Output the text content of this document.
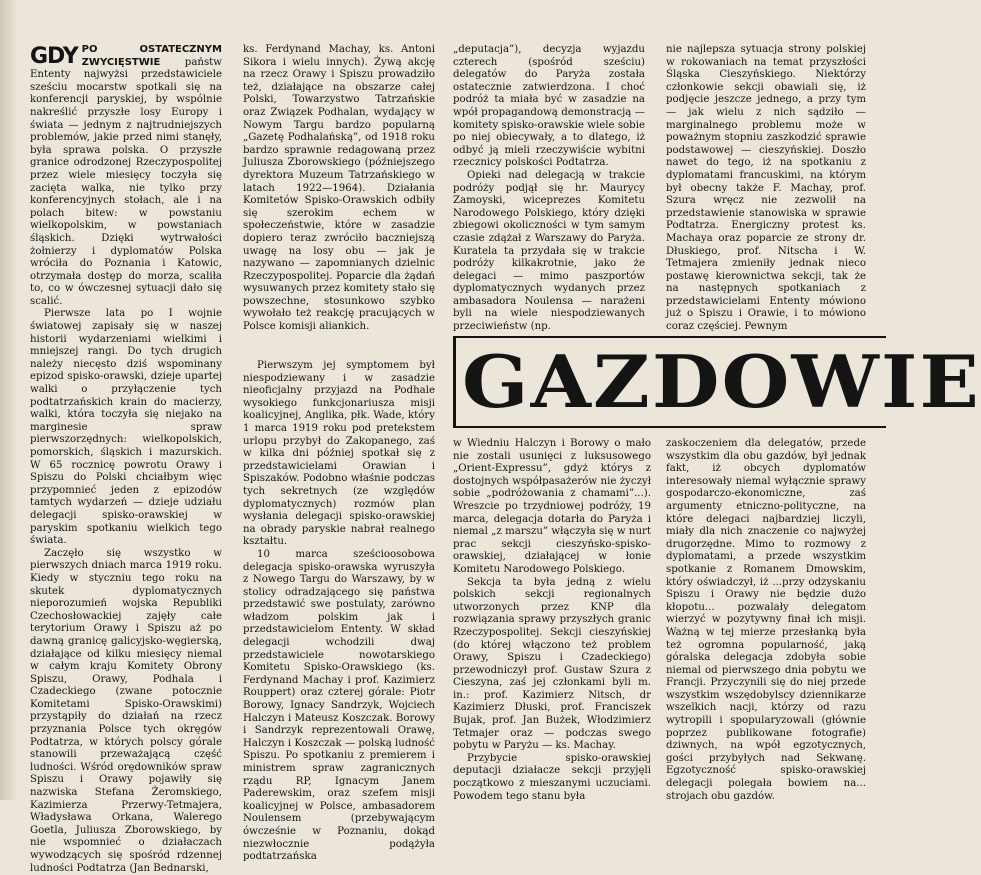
GDY PO OSTATECZNYM ZWYCIĘSTWIE państw Ententy najwyżsi przedstawiciele sześciu mocarstw spotkali się na konferencji paryskiej, by wspólnie nakreślić przyszłe losy Europy i świata — jednym z najtrudniejszych problemów, jakie przed nimi stanęły, była sprawa polska. O przyszłe granice odrodzonej Rzeczypospolitej przez wiele miesięcy toczyła się zacięta walka, nie tylko przy konferencyjnych stołach, ale i na polach bitew: w powstaniu wielkopolskim, w powstaniach śląskich. Dzięki wytrwałości żołnierzy i dyplomatów Polska wróciła do Poznania i Katowic, otrzymała dostęp do morza, scaliła to, co w ówczesnej sytuacji dało się scalić.

Pierwsze lata po I wojnie światowej zapisały się w naszej historii wydarzeniami wielkimi i mniejszej rangi. Do tych drugich należy niecęsto dziś wspominany epizod spisko-orawski, dzieje upartej walki o przyłączenie tych podtatrzańskich krain do macierzy, walki, która toczyła się niejako na marginesie spraw pierwszorzędnych: wielkopolskich, pomorskich, śląskich i mazurskich. W 65 rocznicę powrotu Orawy i Spiszu do Polski chciałbym więc przypomnieć jeden z epizodów tamtych wydarzeń — dzieje udziału delegacji spisko-orawskiej w paryskim spotkaniu wielkich tego świata.

Zaczęło się wszystko w pierwszych dniach marca 1919 roku. Kiedy w styczniu tego roku na skutek dyplomatycznych nieporozumień wojska Republiki Czechosłowackiej zajęły całe terytorium Orawy i Spiszu aż po dawną granicę galicyjsko-węgierską, działające od kilku miesięcy niemal w całym kraju Komitety Obrony Spiszu, Orawy, Podhala i Czadeckiego (zwane potocznie Komitetami Spisko-Orawskimi) przystąpiły do działań na rzecz przyznania Polsce tych okręgów Podtatrza, w których polscy górale stanowili przeważającą część ludności. Wśród orędowników spraw Spiszu i Orawy pojawiły się nazwiska Stefana Żeromskiego, Kazimierza Przerwy-Tetmajera, Władysława Orkana, Walerego Goetla, Juliusza Zborowskiego, by nie wspomnieć o działaczach wywodzących się spośród rdzennej ludności Podtatrza (Jan Bednarski,

ks. Ferdynand Machay, ks. Antoni Sikora i wielu innych). Żywą akcję na rzecz Orawy i Spiszu prowadziło też, działające na obszarze całej Polski, Towarzystwo Tatrzańskie oraz Związek Podhalan, wydający w Nowym Targu bardzo popularną „Gazetę Podhalańską”, od 1918 roku bardzo sprawnie redagowaną przez Juliusza Zborowskiego (późniejszego dyrektora Muzeum Tatrzańskiego w latach 1922—1964). Działania Komitetów Spisko-Orawskich odbiły się szerokim echem w społeczeństwie, które w zasadzie dopiero teraz zwróciło baczniejszą uwagę na losy obu — jak je nazywano — zapomnianych dzielnic Rzeczypospolitej. Poparcie dla żądań wysuwanych przez komitety stało się powszechne, stosunkowo szybko wywołało też reakcję pracujących w Polsce komisji aliankich.

Pierwszym jej symptomem był niespodziewany i w zasadzie nieoficjalny przyjazd na Podhale wysokiego funkcjonariusza misji koalicyjnej, Anglika, płk. Wade, który 1 marca 1919 roku pod pretekstem urlopu przybył do Zakopanego, zaś w kilka dni później spotkał się z przedstawicielami Orawian i Spiszaków. Podobno właśnie podczas tych sekretnych (ze względów dyplomatycznych) rozmów plan wysłania delegacji spisko-orawskiej na obrady paryskie nabrał realnego kształtu.

10 marca sześcioosobowa delegacja spisko-orawska wyruszyła z Nowego Targu do Warszawy, by w stolicy odradzającego się państwa przedstawić swe postulaty, zarówno władzom polskim jak i przedstawicielom Ententy. W skład delegacji wchodzili dwaj przedstawiciele nowotarskiego Komitetu Spisko-Orawskiego (ks. Ferdynand Machay i prof. Kazimierz Rouppert) oraz czterej górale: Piotr Borowy, Ignacy Sandrzyk, Wojciech Halczyn i Mateusz Koszczak. Borowy i Sandrzyk reprezentowali Orawę, Halczyn i Koszczak — polską ludność Spiszu. Po spotkaniu z premierem i ministrem spraw zagranicznych rządu RP, Ignacym Janem Paderewskim, oraz szefem misji koalicyjnej w Polsce, ambasadorem Noulensem (przebywającym ówcześnie w Poznaniu, dokąd niezwłocznie podążyła podtatrzańska

„deputacja”), decyzja wyjazdu czterech (spośród sześciu) delegatów do Paryża została ostatecznie zatwierdzona. I choć podróż ta miała być w zasadzie na wpół propagandową demonstracją — komitety spisko-orawskie wiele sobie po niej obiecywały, a to dlatego, iż odbyć ją mieli rzeczywiście wybitni rzecznicy polskości Podtatrza.

Opieki nad delegacją w trakcie podróży podjął się hr. Maurycy Zamoyski, wiceprezes Komitetu Narodowego Polskiego, który dzięki zbiegowi okoliczności w tym samym czasie zdążał z Warszawy do Paryża. Kuratela ta przydała się w trakcie podróży kilkakrotnie, jako że delegaci — mimo paszportów dyplomatycznych wydanych przez ambasadora Noulensa — narażeni byli na wiele niespodziewanych przeciwieństw (np.

nie najlepsza sytuacja strony polskiej w rokowaniach na temat przyszłości Śląska Cieszyńskiego. Niektórzy członkowie sekcji obawiali się, iż podjęcie jeszcze jednego, a przy tym — jak wielu z nich sądziło — marginalnego problemu może w poważnym stopniu zaszkodzić sprawie podstawowej — cieszyńskiej. Doszło nawet do tego, iż na spotkaniu z dyplomatami francuskimi, na którym był obecny także F. Machay, prof. Szura wręcz nie zezwolił na przedstawienie stanowiska w sprawie Podtatrza. Energiczny protest ks. Machaya oraz poparcie ze strony dr. Dłuskiego, prof. Nitscha i W. Tetmajera zmieniły jednak nieco postawę kierownictwa sekcji, tak że na następnych spotkaniach z przedstawicielami Ententy mówiono już o Spiszu i Orawie, i to mówiono coraz częściej. Pewnym

GAZDOWIE

w Wiedniu Halczyn i Borowy o mało nie zostali usunięci z luksusowego „Orient-Expressu”, gdyż którys z dostojnych współpasażerów nie życzył sobie „podróżowania z chamami”...). Wreszcie po trzydniowej podróży, 19 marca, delegacja dotarła do Paryża i niemal „z marszu” włączyła się w nurt prac sekcji cieszyńsko-spisko-orawskiej, działającej w łonie Komitetu Narodowego Polskiego.

Sekcja ta była jedną z wielu polskich sekcji regionalnych utworzonych przez KNP dla rozwiązania sprawy przyszłych granic Rzeczypospolitej. Sekcji cieszyńskiej (do której włączono też problem Orawy, Spiszu i Czadeckiego) przewodniczył prof. Gustaw Szura z Cieszyna, zaś jej członkami byli m. in.: prof. Kazimierz Nitsch, dr Kazimierz Dłuski, prof. Franciszek Bujak, prof. Jan Bużek, Włodzimierz Tetmajer oraz — podczas swego pobytu w Paryżu — ks. Machay.

Przybycie spisko-orawskiej deputacji działacze sekcji przyjęli początkowo z mieszanymi uczuciami. Powodem tego stanu była

zaskoczeniem dla delegatów, przede wszystkim dla obu gazdów, był jednak fakt, iż obcych dyplomatów interesowały niemal wyłącznie sprawy gospodarczo-ekonomiczne, zaś argumenty etniczno-polityczne, na które delegaci najbardziej liczyli, miały dla nich znaczenie co najwyżej drugorzędne. Mimo to rozmowy z dyplomatami, a przede wszystkim spotkanie z Romanem Dmowskim, który oświadczył, iż ...przy odzyskaniu Spiszu i Orawy nie będzie dużo kłopotu... pozwalały delegatom wierzyć w pozytywny finał ich misji. Ważną w tej mierze przesłanką była też ogromna popularność, jaką góralska delegacja zdobyła sobie niemal od pierwszego dnia pobytu we Francji. Przyczynili się do niej przede wszystkim wszędobylscy dziennikarze wszelkich nacji, którzy od razu wytropili i spopularyzowali (głównie poprzez publikowane fotografie) dziwnych, na wpół egzotycznych, gości przybyłych nad Sekwanę. Egzotyczność spisko-orawskiej delegacji polegała bowiem na... strojach obu gazdów.
